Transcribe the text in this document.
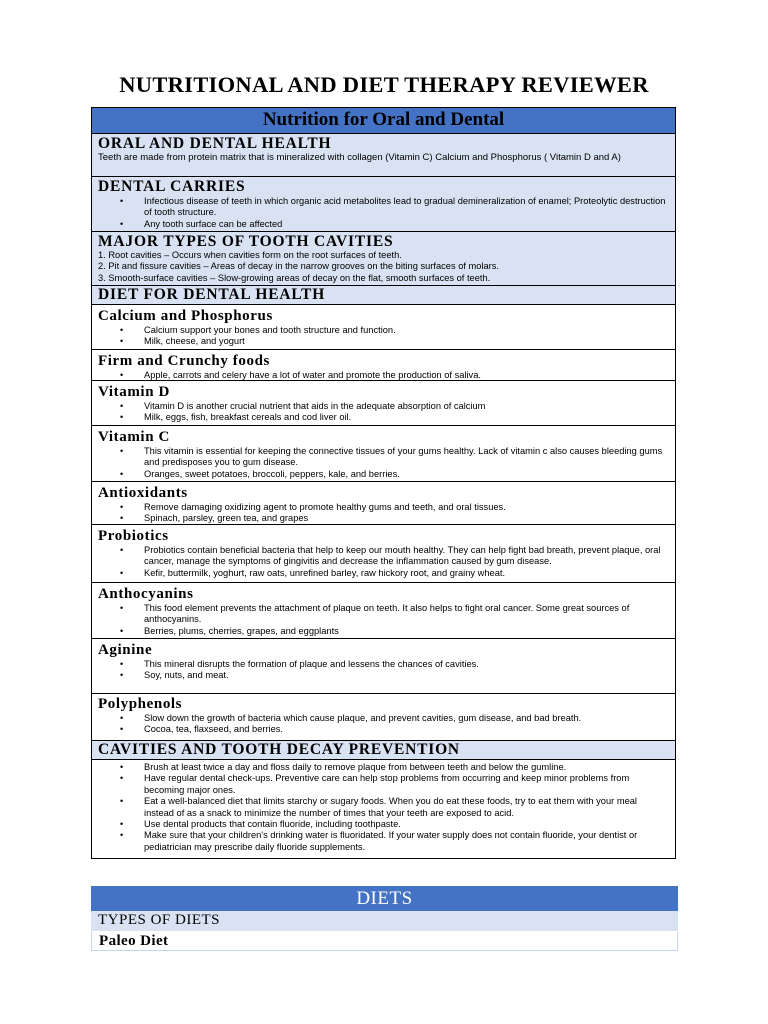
NUTRITIONAL AND DIET THERAPY REVIEWER
Nutrition for Oral and Dental
ORAL AND DENTAL HEALTH
Teeth are made from protein matrix that is mineralized with collagen (Vitamin C) Calcium and Phosphorus ( Vitamin D and A)
DENTAL CARRIES
• Infectious disease of teeth in which organic acid metabolites lead to gradual demineralization of enamel; Proteolytic destruction of tooth structure.
• Any tooth surface can be affected
MAJOR TYPES OF TOOTH CAVITIES
1. Root cavities – Occurs when cavities form on the root surfaces of teeth.
2. Pit and fissure cavities – Areas of decay in the narrow grooves on the biting surfaces of molars.
3. Smooth-surface cavities – Slow-growing areas of decay on the flat, smooth surfaces of teeth.
DIET FOR DENTAL HEALTH
Calcium and Phosphorus
• Calcium support your bones and tooth structure and function.
• Milk, cheese, and yogurt
Firm and Crunchy foods
• Apple, carrots and celery have a lot of water and promote the production of saliva.
Vitamin D
• Vitamin D is another crucial nutrient that aids in the adequate absorption of calcium
• Milk, eggs, fish, breakfast cereals and cod liver oil.
Vitamin C
• This vitamin is essential for keeping the connective tissues of your gums healthy. Lack of vitamin c also causes bleeding gums and predisposes you to gum disease.
• Oranges, sweet potatoes, broccoli, peppers, kale, and berries.
Antioxidants
• Remove damaging oxidizing agent to promote healthy gums and teeth, and oral tissues.
• Spinach, parsley, green tea, and grapes
Probiotics
• Probiotics contain beneficial bacteria that help to keep our mouth healthy. They can help fight bad breath, prevent plaque, oral cancer, manage the symptoms of gingivitis and decrease the inflammation caused by gum disease.
• Kefir, buttermilk, yoghurt, raw oats, unrefined barley, raw hickory root, and grainy wheat.
Anthocyanins
• This food element prevents the attachment of plaque on teeth. It also helps to fight oral cancer. Some great sources of anthocyanins.
• Berries, plums, cherries, grapes, and eggplants
Aginine
• This mineral disrupts the formation of plaque and lessens the chances of cavities.
• Soy, nuts, and meat.
Polyphenols
• Slow down the growth of bacteria which cause plaque, and prevent cavities, gum disease, and bad breath.
• Cocoa, tea, flaxseed, and berries.
CAVITIES AND TOOTH DECAY PREVENTION
• Brush at least twice a day and floss daily to remove plaque from between teeth and below the gumline.
• Have regular dental check-ups. Preventive care can help stop problems from occurring and keep minor problems from becoming major ones.
• Eat a well-balanced diet that limits starchy or sugary foods. When you do eat these foods, try to eat them with your meal instead of as a snack to minimize the number of times that your teeth are exposed to acid.
• Use dental products that contain fluoride, including toothpaste.
• Make sure that your children's drinking water is fluoridated. If your water supply does not contain fluoride, your dentist or pediatrician may prescribe daily fluoride supplements.
DIETS
TYPES OF DIETS
Paleo Diet
